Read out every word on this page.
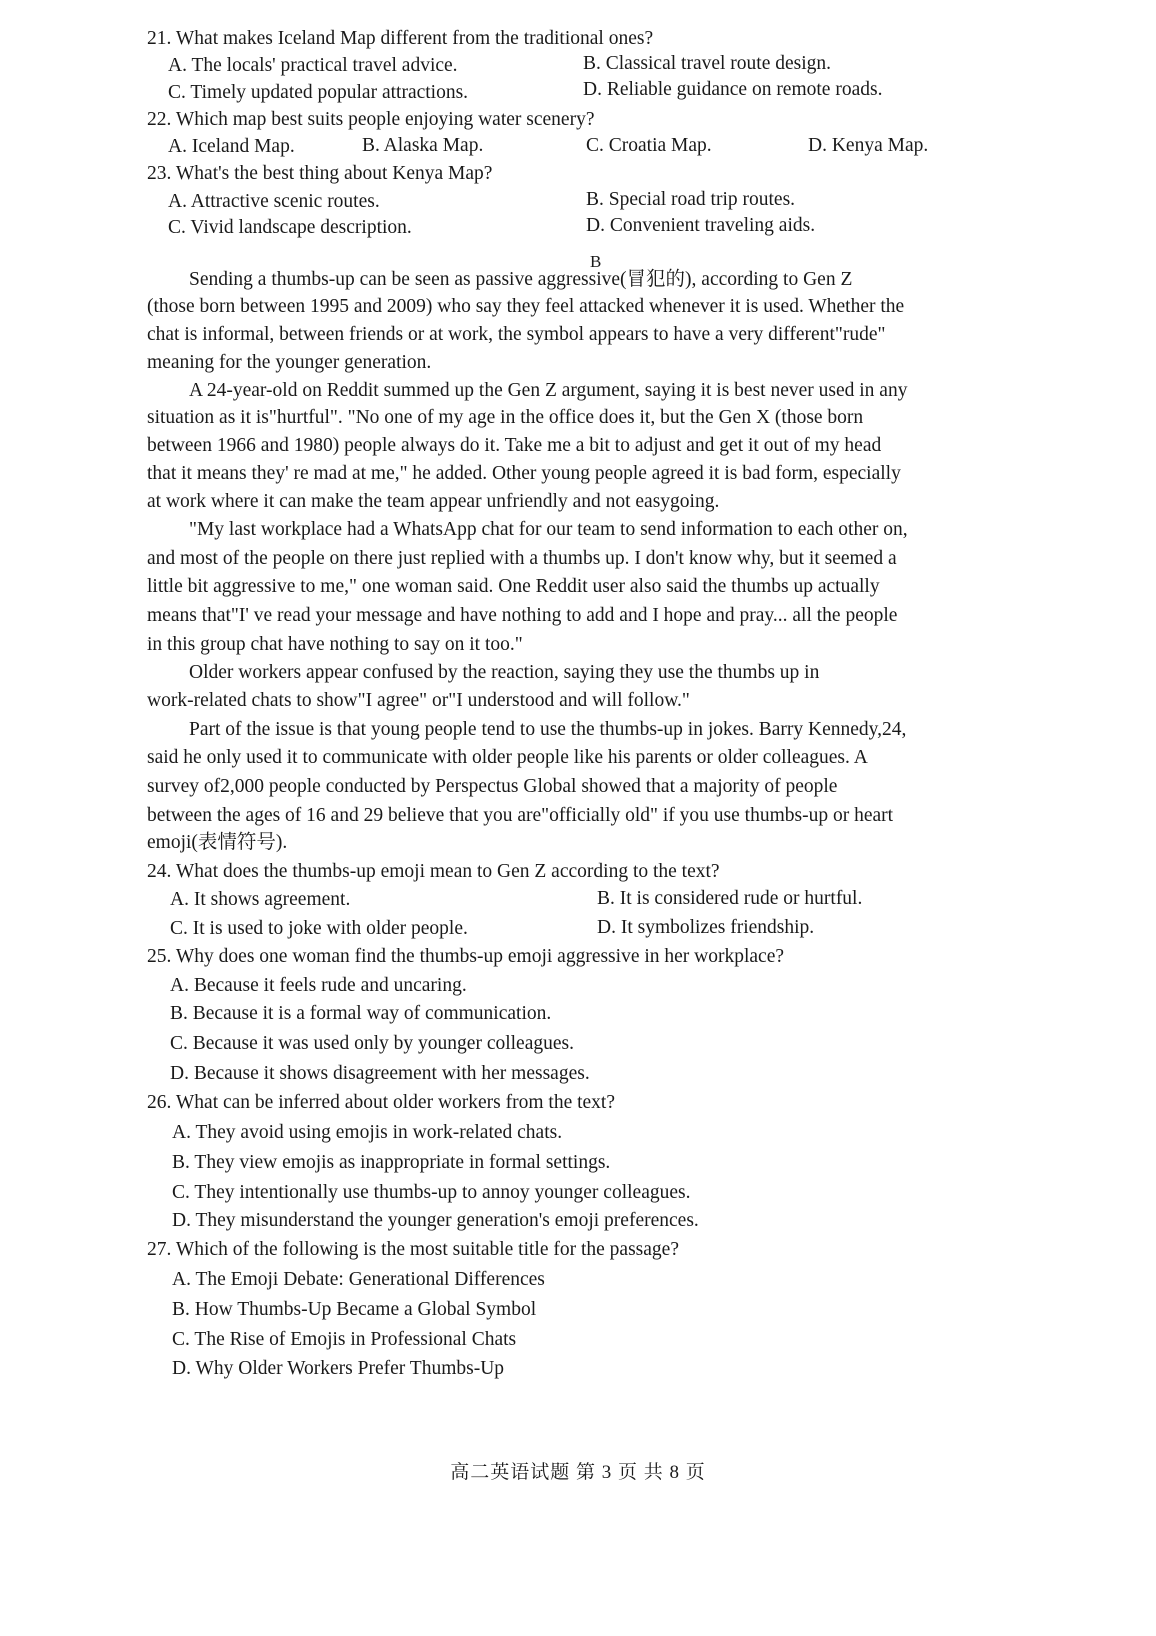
21. What makes Iceland Map different from the traditional ones?
A. The locals' practical travel advice.	B. Classical travel route design.
C. Timely updated popular attractions.	D. Reliable guidance on remote roads.
22. Which map best suits people enjoying water scenery?
A. Iceland Map.	B. Alaska Map.	C. Croatia Map.	D. Kenya Map.
23. What's the best thing about Kenya Map?
A. Attractive scenic routes.	B. Special road trip routes.
C. Vivid landscape description.	D. Convenient traveling aids.
B
Sending a thumbs-up can be seen as passive aggressive(冒犯的), according to Gen Z
(those born between 1995 and 2009) who say they feel attacked whenever it is used. Whether the
chat is informal, between friends or at work, the symbol appears to have a very different"rude"
meaning for the younger generation.
A 24-year-old on Reddit summed up the Gen Z argument, saying it is best never used in any
situation as it is"hurtful". "No one of my age in the office does it, but the Gen X (those born
between 1966 and 1980) people always do it. Take me a bit to adjust and get it out of my head
that it means they' re mad at me," he added. Other young people agreed it is bad form, especially
at work where it can make the team appear unfriendly and not easygoing.
"My last workplace had a WhatsApp chat for our team to send information to each other on,
and most of the people on there just replied with a thumbs up. I don't know why, but it seemed a
little bit aggressive to me," one woman said. One Reddit user also said the thumbs up actually
means that"I' ve read your message and have nothing to add and I hope and pray... all the people
in this group chat have nothing to say on it too."
Older workers appear confused by the reaction, saying they use the thumbs up in
work-related chats to show"I agree" or"I understood and will follow."
Part of the issue is that young people tend to use the thumbs-up in jokes. Barry Kennedy,24,
said he only used it to communicate with older people like his parents or older colleagues. A
survey of2,000 people conducted by Perspectus Global showed that a majority of people
between the ages of 16 and 29 believe that you are"officially old" if you use thumbs-up or heart
emoji(表情符号).
24. What does the thumbs-up emoji mean to Gen Z according to the text?
A. It shows agreement.	B. It is considered rude or hurtful.
C. It is used to joke with older people.	D. It symbolizes friendship.
25. Why does one woman find the thumbs-up emoji aggressive in her workplace?
A. Because it feels rude and uncaring.
B. Because it is a formal way of communication.
C. Because it was used only by younger colleagues.
D. Because it shows disagreement with her messages.
26. What can be inferred about older workers from the text?
A. They avoid using emojis in work-related chats.
B. They view emojis as inappropriate in formal settings.
C. They intentionally use thumbs-up to annoy younger colleagues.
D. They misunderstand the younger generation's emoji preferences.
27. Which of the following is the most suitable title for the passage?
A. The Emoji Debate: Generational Differences
B. How Thumbs-Up Became a Global Symbol
C. The Rise of Emojis in Professional Chats
D. Why Older Workers Prefer Thumbs-Up
高二英语试题 第 3 页 共 8 页
